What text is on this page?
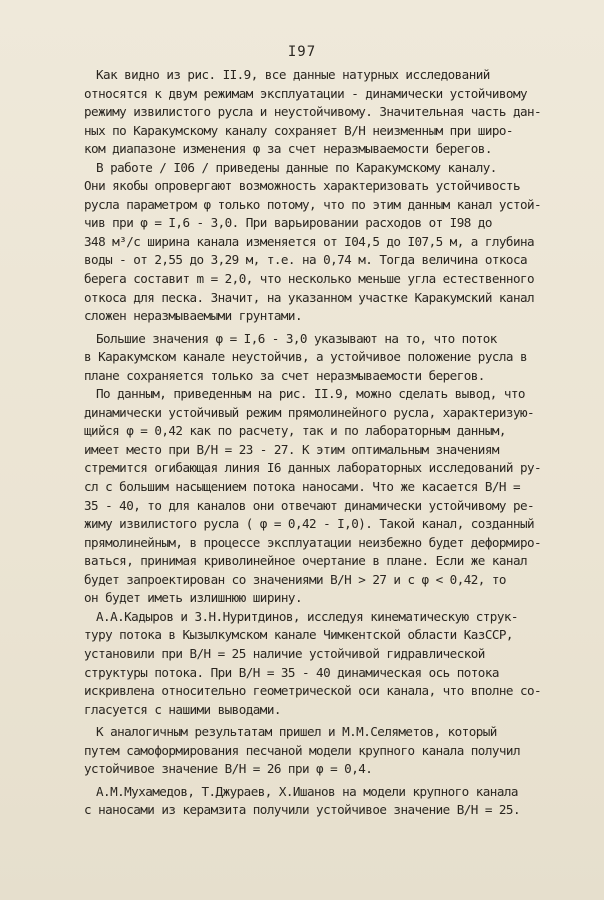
I97
Как видно из рис. II.9, все данные натурных исследований
относятся к двум режимам эксплуатации - динамически устойчивому
режиму извилистого русла и неустойчивому. Значительная часть дан-
ных по Каракумскому каналу сохраняет B/H неизменным при широ-
ком диапазоне изменения φ за счет неразмываемости берегов.
В работе / I06 / приведены данные по Каракумскому каналу.
Они якобы опровергают возможность характеризовать устойчивость
русла параметром φ только потому, что по этим данным канал устой-
чив при φ = I,6 - 3,0. При варьировании расходов от I98 до
348 м³/с ширина канала изменяется от I04,5 до I07,5 м, а глубина
воды - от 2,55 до 3,29 м, т.е. на 0,74 м. Тогда величина откоса
берега составит m = 2,0, что несколько меньше угла естественного
откоса для песка. Значит, на указанном участке Каракумский канал
сложен неразмываемыми грунтами.
Большие значения φ = I,6 - 3,0 указывают на то, что поток
в Каракумском канале неустойчив, а устойчивое положение русла в
плане сохраняется только за счет неразмываемости берегов.
По данным, приведенным на рис. II.9, можно сделать вывод, что
динамически устойчивый режим прямолинейного русла, характеризую-
щийся φ = 0,42 как по расчету, так и по лабораторным данным,
имеет место при B/H = 23 - 27. К этим оптимальным значениям
стремится огибающая линия I6 данных лабораторных исследований ру-
сл с большим насыщением потока наносами. Что же касается B/H =
35 - 40, то для каналов они отвечают динамически устойчивому ре-
жиму извилистого русла ( φ = 0,42 - I,0). Такой канал, созданный
прямолинейным, в процессе эксплуатации неизбежно будет деформиро-
ваться, принимая криволинейное очертание в плане. Если же канал
будет запроектирован со значениями B/H > 27 и с φ < 0,42, то
он будет иметь излишнюю ширину.
А.А.Кадыров и З.Н.Нуритдинов, исследуя кинематическую струк-
туру потока в Кызылкумском канале Чимкентской области КазССР,
установили при B/H = 25 наличие устойчивой гидравлической
структуры потока. При B/H = 35 - 40 динамическая ось потока
искривлена относительно геометрической оси канала, что вполне со-
гласуется с нашими выводами.
К аналогичным результатам пришел и М.М.Селяметов, который
путем самоформирования песчаной модели крупного канала получил
устойчивое значение B/H = 26 при φ = 0,4.
А.М.Мухамедов, Т.Джураев, Х.Ишанов на модели крупного канала
с наносами из керамзита получили устойчивое значение B/H = 25.
